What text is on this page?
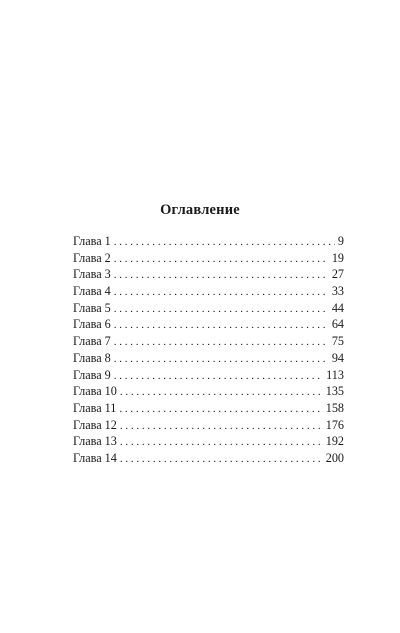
Оглавление
Глава 1 . . .	9
Глава 2 . . .	19
Глава 3 . . .	27
Глава 4 . . .	33
Глава 5 . . .	44
Глава 6 . . .	64
Глава 7 . . .	75
Глава 8 . . .	94
Глава 9 . . .	113
Глава 10 . . .	135
Глава 11 . . .	158
Глава 12 . . .	176
Глава 13 . . .	192
Глава 14 . . .	200
